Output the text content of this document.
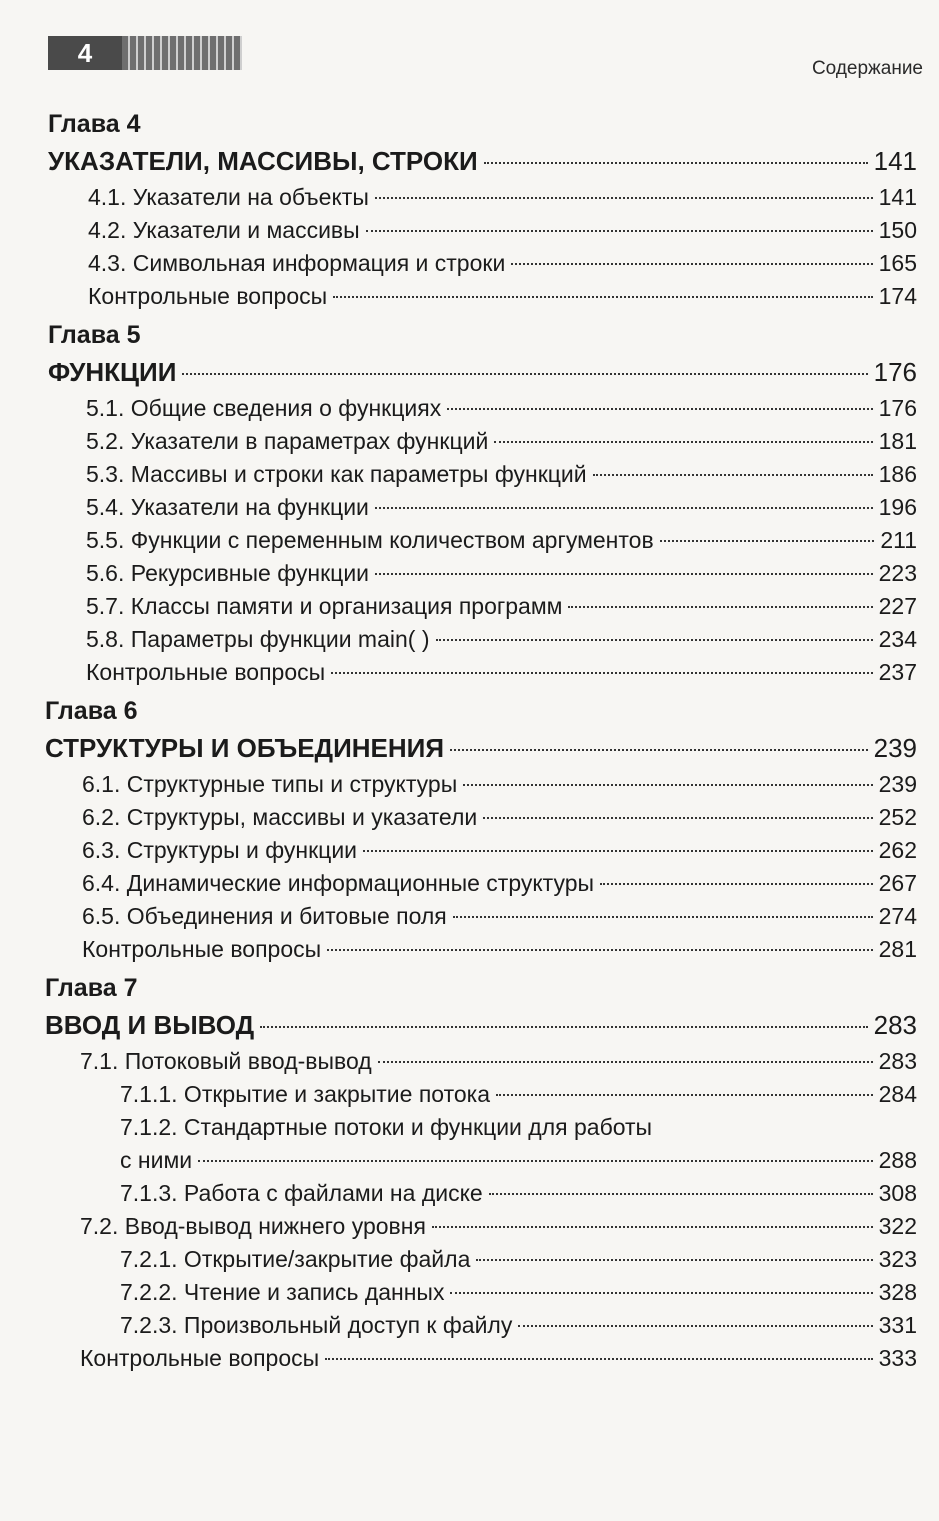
4
Содержание
Глава 4
УКАЗАТЕЛИ, МАССИВЫ, СТРОКИ	141
4.1. Указатели на объекты	141
4.2. Указатели и массивы	150
4.3. Символьная информация и строки	165
Контрольные вопросы	174
Глава 5
ФУНКЦИИ	176
5.1. Общие сведения о функциях	176
5.2. Указатели в параметрах функций	181
5.3. Массивы и строки как параметры функций	186
5.4. Указатели на функции	196
5.5. Функции с переменным количеством аргументов	211
5.6. Рекурсивные функции	223
5.7. Классы памяти и организация программ	227
5.8. Параметры функции main( )	234
Контрольные вопросы	237
Глава 6
СТРУКТУРЫ И ОБЪЕДИНЕНИЯ	239
6.1. Структурные типы и структуры	239
6.2. Структуры, массивы и указатели	252
6.3. Структуры и функции	262
6.4. Динамические информационные структуры	267
6.5. Объединения и битовые поля	274
Контрольные вопросы	281
Глава 7
ВВОД И ВЫВОД	283
7.1. Потоковый ввод-вывод	283
7.1.1. Открытие и закрытие потока	284
7.1.2. Стандартные потоки и функции для работы
с ними	288
7.1.3. Работа с файлами на диске	308
7.2. Ввод-вывод нижнего уровня	322
7.2.1. Открытие/закрытие файла	323
7.2.2. Чтение и запись данных	328
7.2.3. Произвольный доступ к файлу	331
Контрольные вопросы	333
